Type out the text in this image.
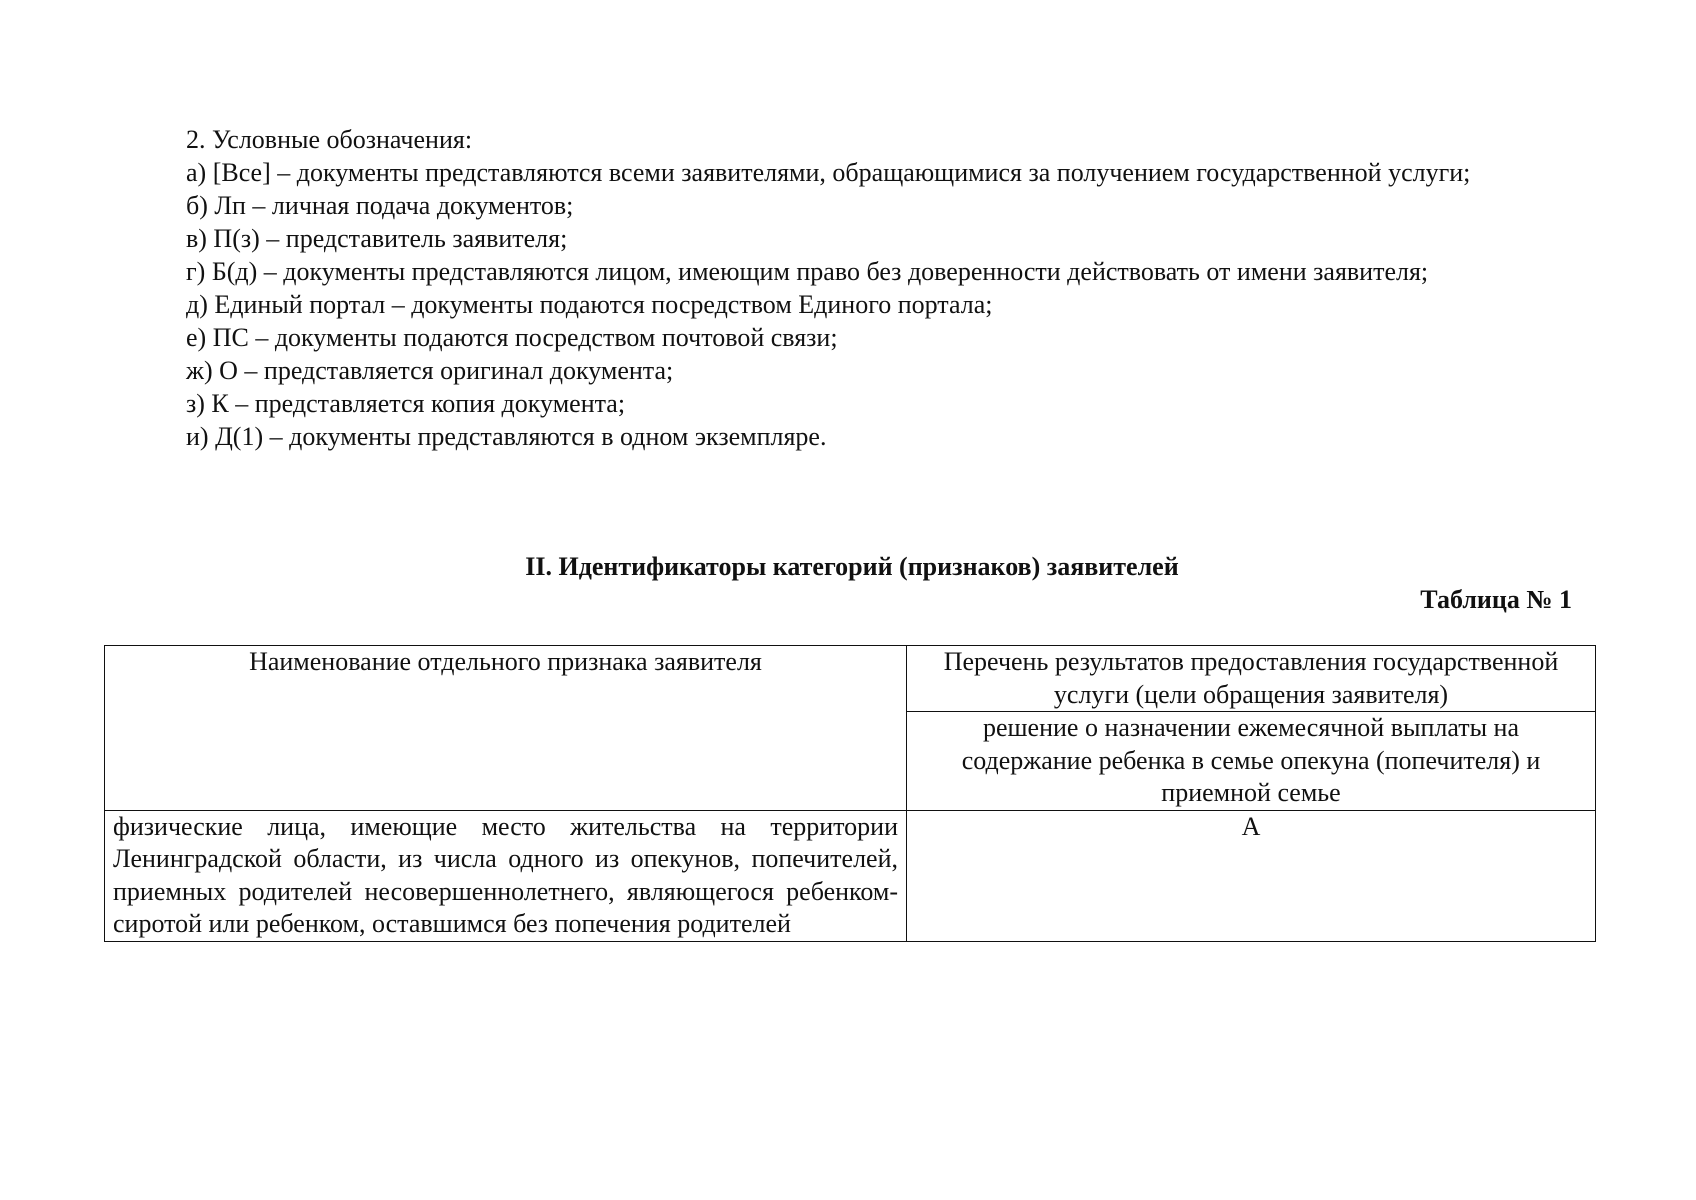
2. Условные обозначения:

а) [Все] – документы представляются всеми заявителями, обращающимися за получением государственной услуги;

б) Лп – личная подача документов;

в) П(з) – представитель заявителя;

г) Б(д) – документы представляются лицом, имеющим право без доверенности действовать от имени заявителя;

д) Единый портал – документы подаются посредством Единого портала;

е) ПС – документы подаются посредством почтовой связи;

ж) О – представляется оригинал документа;

з) К – представляется копия документа;

и) Д(1) – документы представляются в одном экземпляре.

II. Идентификаторы категорий (признаков) заявителей
Таблица № 1
Наименование отдельного признака заявителя	Перечень результатов предоставления государственной услуги (цели обращения заявителя)
	решение о назначении ежемесячной выплаты на содержание ребенка в семье опекуна (попечителя) и приемной семье
физические лица, имеющие место жительства на территории Ленинградской области, из числа одного из опекунов, попечителей, приемных родителей несовершеннолетнего, являющегося ребенком-сиротой или ребенком, оставшимся без попечения родителей	А
